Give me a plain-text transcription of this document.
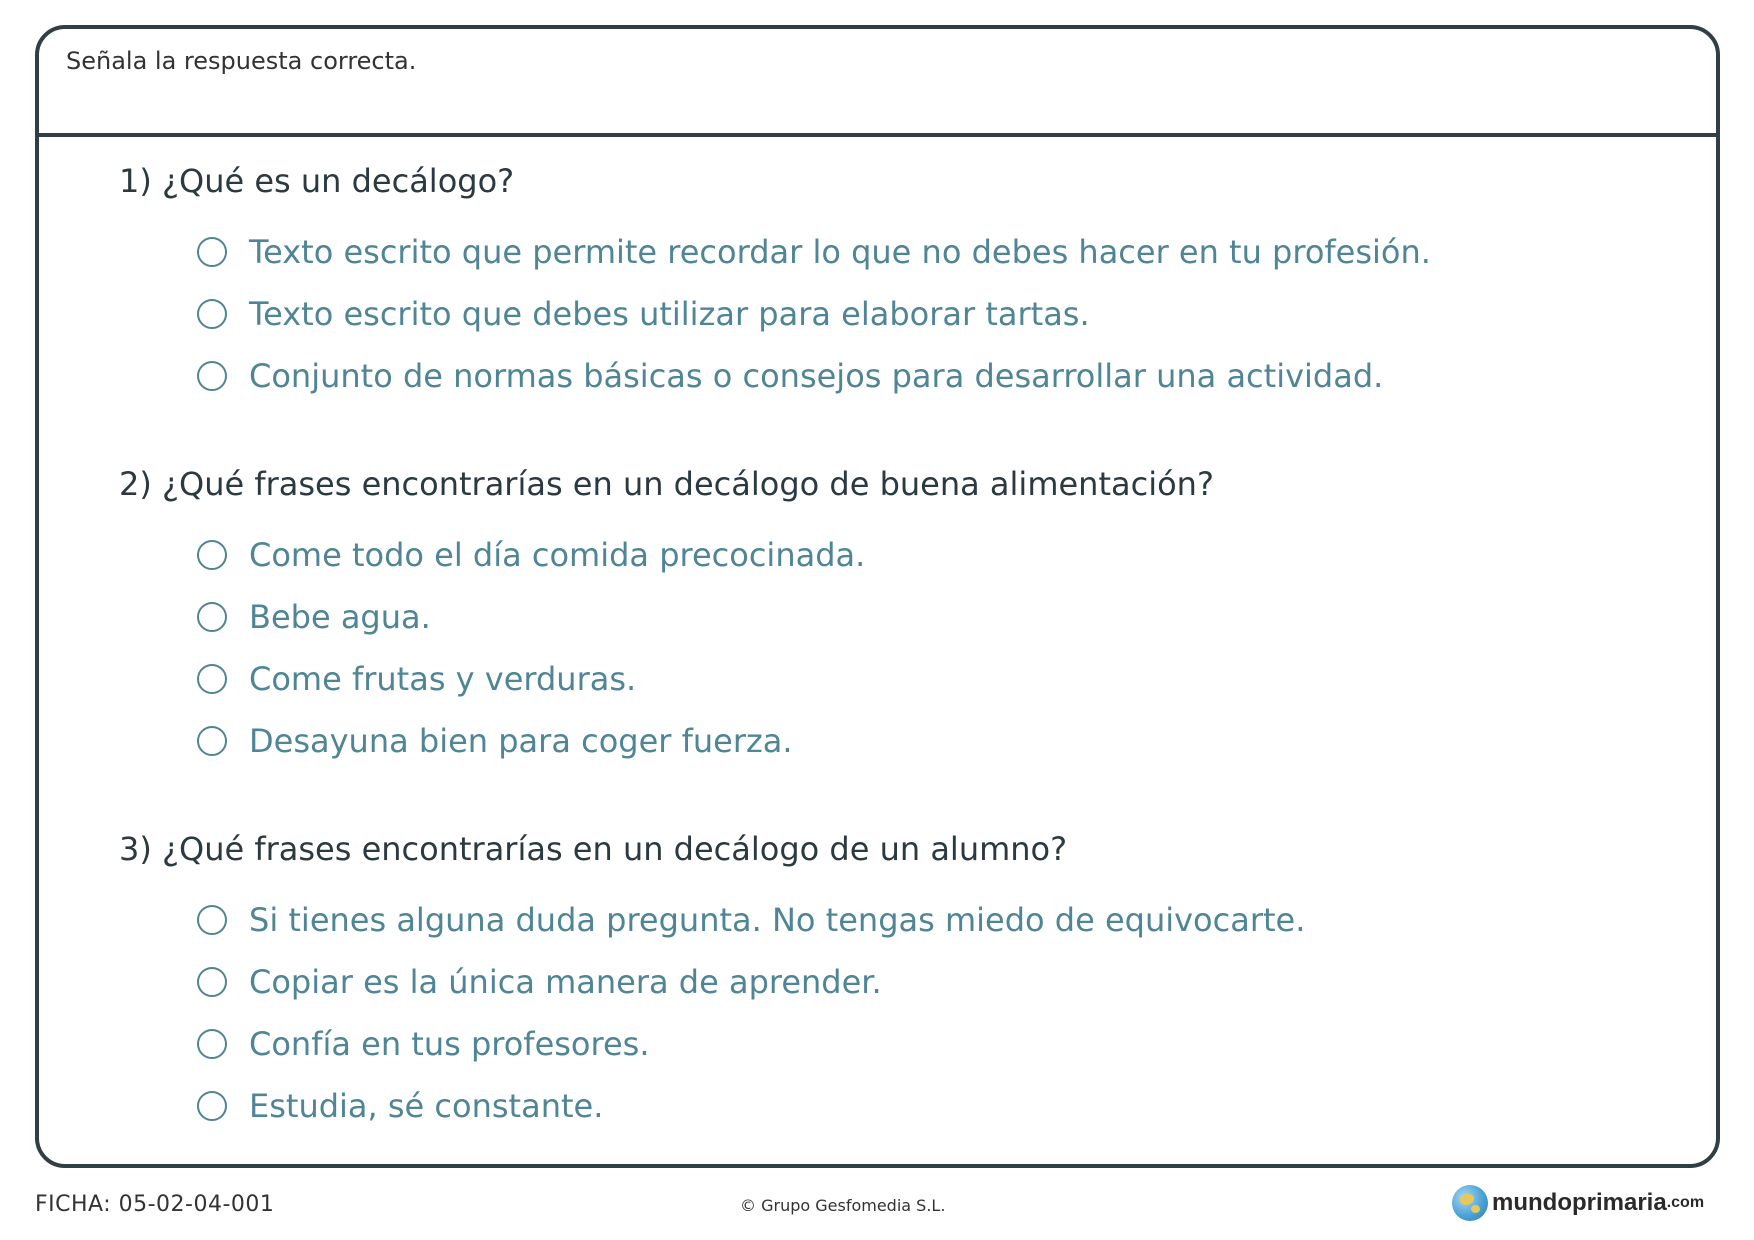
Señala la respuesta correcta.

1) ¿Qué es un decálogo?
Texto escrito que permite recordar lo que no debes hacer en tu profesión.
Texto escrito que debes utilizar para elaborar tartas.
Conjunto de normas básicas o consejos para desarrollar una actividad.
2) ¿Qué frases encontrarías en un decálogo de buena alimentación?
Come todo el día comida precocinada.
Bebe agua.
Come frutas y verduras.
Desayuna bien para coger fuerza.
3) ¿Qué frases encontrarías en un decálogo de un alumno?
Si tienes alguna duda pregunta. No tengas miedo de equivocarte.
Copiar es la única manera de aprender.
Confía en tus profesores.
Estudia, sé constante.
FICHA: 05-02-04-001	© Grupo Gesfomedia S.L.	mundoprimaria .com
